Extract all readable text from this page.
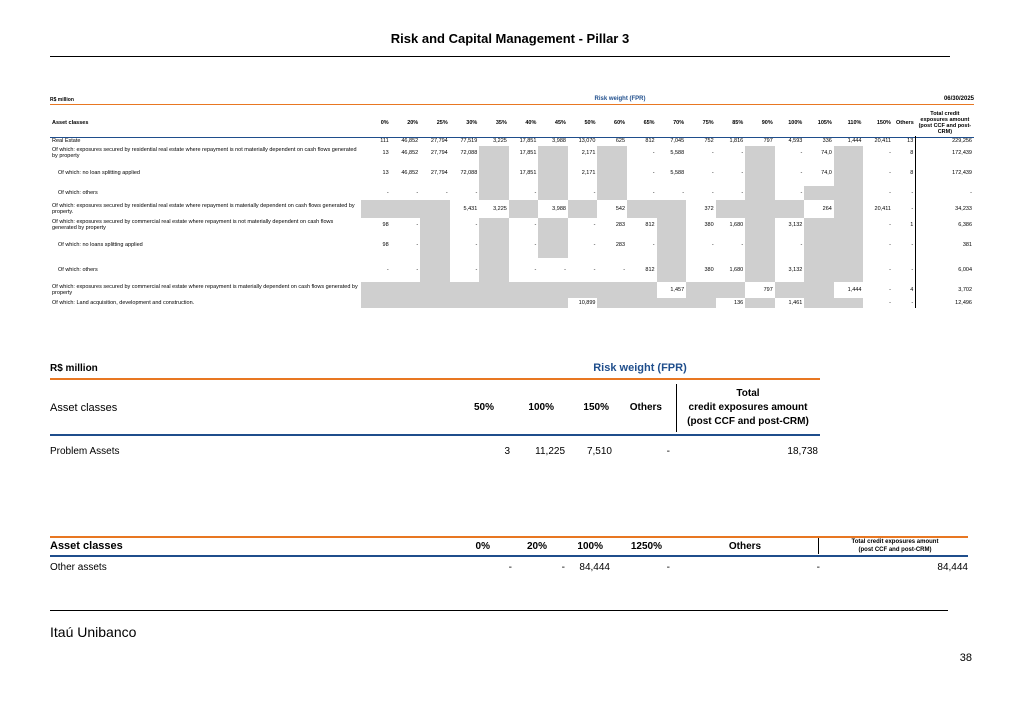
Risk and Capital Management - Pillar 3
R$ million	Risk weight (FPR)	06/30/2025
Asset classes	0%	20%	25%	30%	35%	40%	45%	50%	60%	65%	70%	75%	85%	90%	100%	105%	110%	150%	Others	Total credit exposures amount (post CCF and post-CRM)
Real Estate	111	46,852	27,794	77,519	3,225	17,851	3,988	13,070	625	812	7,045	752	1,816	797	4,593	336	1,444	20,411	13	229,256
Of which: exposures secured by residential real estate where repayment is not materially dependent on cash flows generated by property	13	46,852	27,794	72,088		17,851		2,171		-	5,588	-	-		-	74,0		-	8	172,439
Of which: no loan splitting applied	13	46,852	27,794	72,088		17,851		2,171		-	5,588	-	-		-	74,0		-	8	172,439
Of which: others	-	-	-	-		-		-		-	-	-	-		-			-	-	-
Of which: exposures secured by residential real estate where repayment is materially dependent on cash flows generated by property.				5,431	3,225		3,988		542			372				264		20,411	-	34,233
Of which: exposures secured by commercial real estate where repayment is not materially dependent on cash flows generated by property	98	-		-		-		-	283	812		380	1,680		3,132			-	1	6,386
Of which: no loans splitting applied	98	-		-		-		-	283	-		-	-		-			-	-	381
Of which: others	-	-		-		-	-	-	-	812		380	1,680		3,132			-	-	6,004
Of which: exposures secured by commercial real estate where repayment is materially dependent on cash flows generated by property											1,457			797			1,444	-	4	3,702
Of which: Land acquisition, development and construction.								10,899					136		1,461			-	-	12,496
R$ million	Risk weight (FPR)
Asset classes	50%	100%	150%	Others
Total
credit exposures amount
(post CCF and post-CRM)
Problem Assets	3	11,225	7,510	-	18,738
Asset classes	0%	20%	100%	1250%	Others	Total credit exposures amount
(post CCF and post-CRM)
Other assets	-	-	84,444	-	-	84,444
Itaú Unibanco
38
